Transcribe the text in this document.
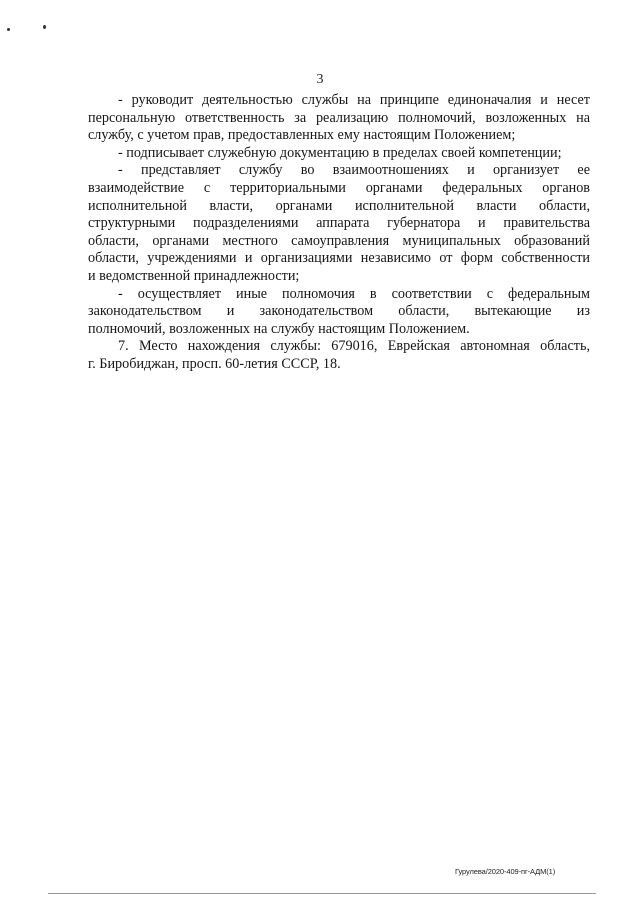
3
- руководит деятельностью службы на принципе единоначалия и несет
персональную ответственность за реализацию полномочий, возложенных на
службу, с учетом прав, предоставленных ему настоящим Положением;
- подписывает служебную документацию в пределах своей компетенции;
- представляет службу во взаимоотношениях и организует ее
взаимодействие с территориальными органами федеральных органов
исполнительной власти, органами исполнительной власти области,
структурными подразделениями аппарата губернатора и правительства
области, органами местного самоуправления муниципальных образований
области, учреждениями и организациями независимо от форм собственности
и ведомственной принадлежности;
- осуществляет иные полномочия в соответствии с федеральным
законодательством и законодательством области, вытекающие из
полномочий, возложенных на службу настоящим Положением.
7. Место нахождения службы: 679016, Еврейская автономная область,
г. Биробиджан, просп. 60-летия СССР, 18.
Гурулева/2020-409-пг-АДМ(1)
